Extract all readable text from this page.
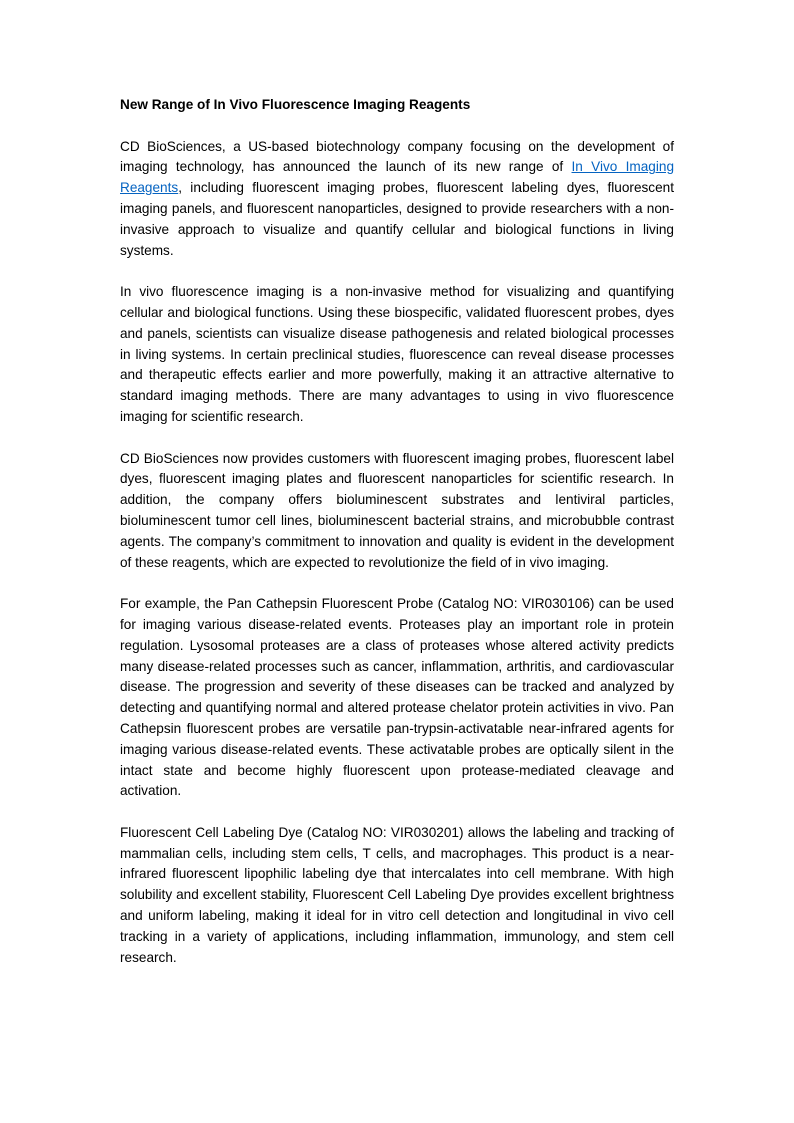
New Range of In Vivo Fluorescence Imaging Reagents

CD BioSciences, a US-based biotechnology company focusing on the development of imaging technology, has announced the launch of its new range of In Vivo Imaging Reagents, including fluorescent imaging probes, fluorescent labeling dyes, fluorescent imaging panels, and fluorescent nanoparticles, designed to provide researchers with a non-invasive approach to visualize and quantify cellular and biological functions in living systems.

In vivo fluorescence imaging is a non-invasive method for visualizing and quantifying cellular and biological functions. Using these biospecific, validated fluorescent probes, dyes and panels, scientists can visualize disease pathogenesis and related biological processes in living systems. In certain preclinical studies, fluorescence can reveal disease processes and therapeutic effects earlier and more powerfully, making it an attractive alternative to standard imaging methods. There are many advantages to using in vivo fluorescence imaging for scientific research.

CD BioSciences now provides customers with fluorescent imaging probes, fluorescent label dyes, fluorescent imaging plates and fluorescent nanoparticles for scientific research. In addition, the company offers bioluminescent substrates and lentiviral particles, bioluminescent tumor cell lines, bioluminescent bacterial strains, and microbubble contrast agents. The company’s commitment to innovation and quality is evident in the development of these reagents, which are expected to revolutionize the field of in vivo imaging.

For example, the Pan Cathepsin Fluorescent Probe (Catalog NO: VIR030106) can be used for imaging various disease-related events. Proteases play an important role in protein regulation. Lysosomal proteases are a class of proteases whose altered activity predicts many disease-related processes such as cancer, inflammation, arthritis, and cardiovascular disease. The progression and severity of these diseases can be tracked and analyzed by detecting and quantifying normal and altered protease chelator protein activities in vivo. Pan Cathepsin fluorescent probes are versatile pan-trypsin-activatable near-infrared agents for imaging various disease-related events. These activatable probes are optically silent in the intact state and become highly fluorescent upon protease-mediated cleavage and activation.

Fluorescent Cell Labeling Dye (Catalog NO: VIR030201) allows the labeling and tracking of mammalian cells, including stem cells, T cells, and macrophages. This product is a near-infrared fluorescent lipophilic labeling dye that intercalates into cell membrane. With high solubility and excellent stability, Fluorescent Cell Labeling Dye provides excellent brightness and uniform labeling, making it ideal for in vitro cell detection and longitudinal in vivo cell tracking in a variety of applications, including inflammation, immunology, and stem cell research.
